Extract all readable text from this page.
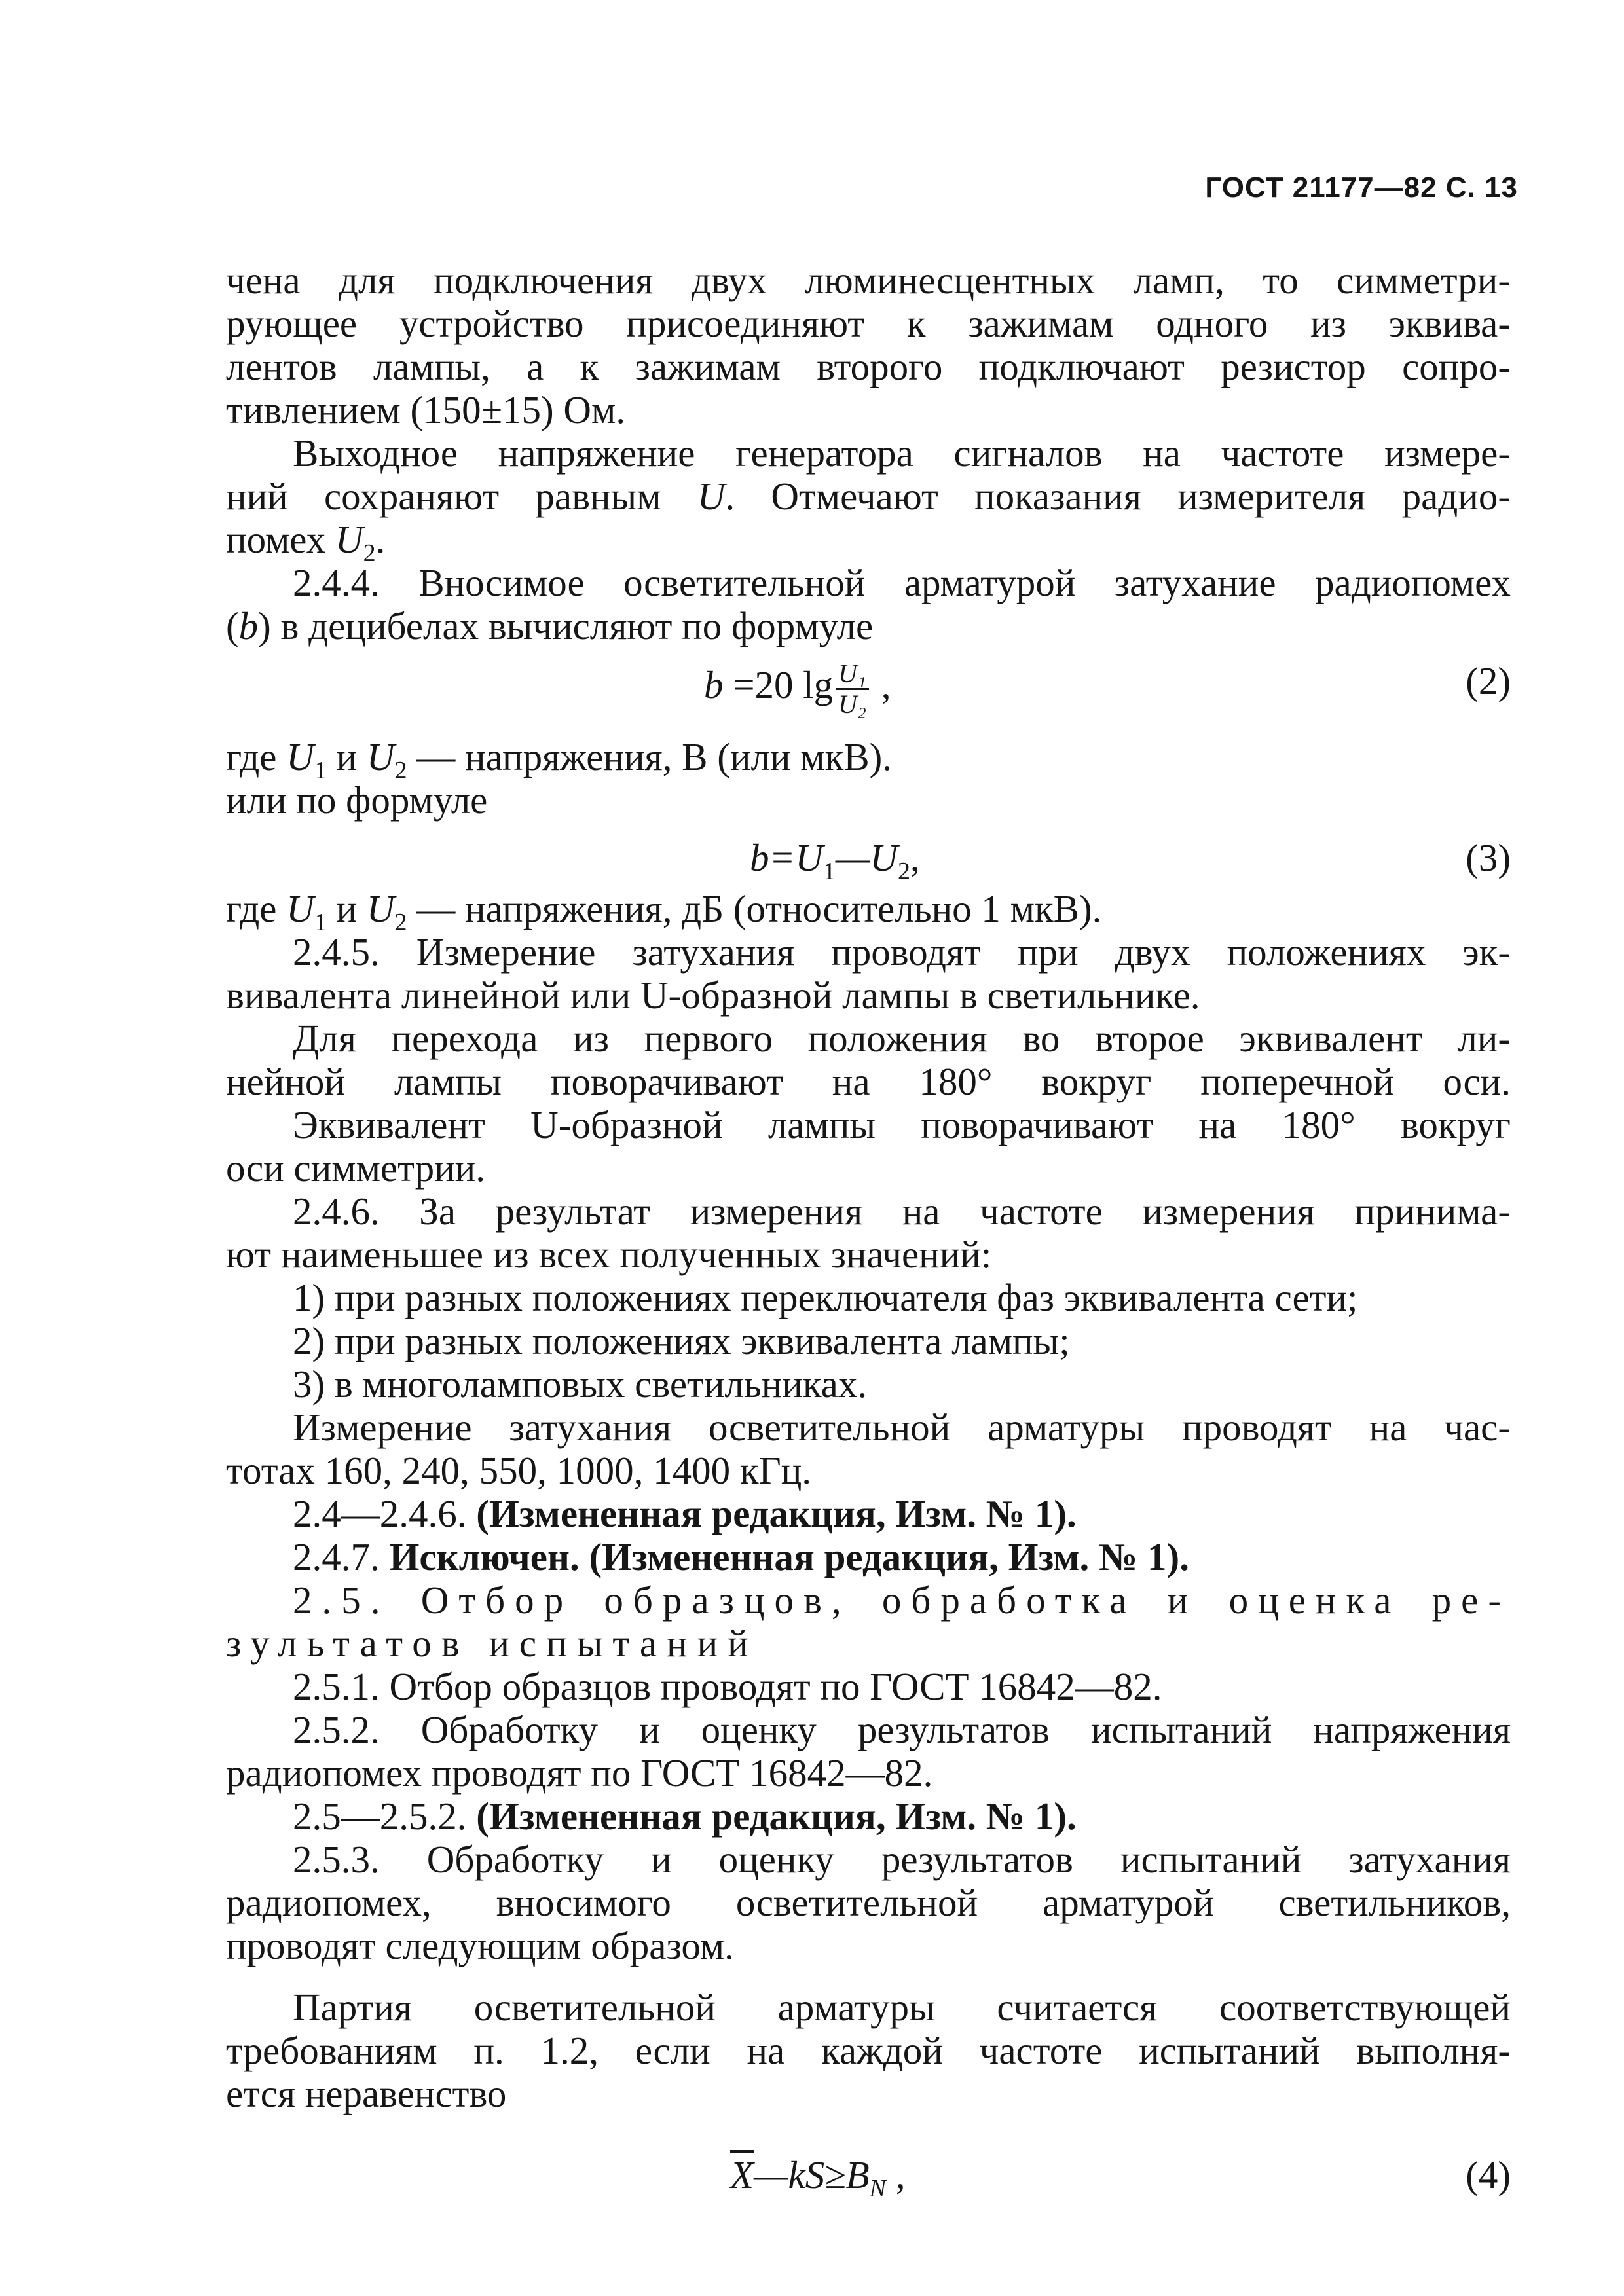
ГОСТ 21177—82 С. 13
чена для подключения двух люминесцентных ламп, то симметри-
рующее устройство присоединяют к зажимам одного из эквива-
лентов лампы, а к зажимам второго подключают резистор сопро-
тивлением (150±15) Ом.
Выходное напряжение генератора сигналов на частоте измере-
ний сохраняют равным U. Отмечают показания измерителя радио-
помех $U_2$.
2.4.4. Вносимое осветительной арматурой затухание радиопомех
(b) в децибелах вычисляют по формуле
b =20 $\lg \frac{\text{U₁}}{\text{U₂}}$ ,	(2)
где $U_1$ и $U_2$ — напряжения, В (или мкВ).
или по формуле
$b=U_1—U_2$,	(3)
где $U_1$ и $U_2$ — напряжения, дБ (относительно 1 мкВ).
2.4.5. Измерение затухания проводят при двух положениях эк-
вивалента линейной или U-образной лампы в светильнике.
Для перехода из первого положения во второе эквивалент ли-
нейной лампы поворачивают на 180° вокруг поперечной оси.
Эквивалент U-образной лампы поворачивают на 180° вокруг
оси симметрии.
2.4.6. За результат измерения на частоте измерения принима-
ют наименьшее из всех полученных значений:
1) при разных положениях переключателя фаз эквивалента сети;
2) при разных положениях эквивалента лампы;
3) в многоламповых светильниках.
Измерение затухания осветительной арматуры проводят на час-
тотах 160, 240, 550, 1000, 1400 кГц.
2.4—2.4.6. (Измененная редакция, Изм. № 1).
2.4.7. Исключен. (Измененная редакция, Изм. № 1).
2.5. Отбор образцов, обработка и оценка ре-
зультатов испытаний
2.5.1. Отбор образцов проводят по ГОСТ 16842—82.
2.5.2. Обработку и оценку результатов испытаний напряжения
радиопомех проводят по ГОСТ 16842—82.
2.5—2.5.2. (Измененная редакция, Изм. № 1).
2.5.3. Обработку и оценку результатов испытаний затухания
радиопомех, вносимого осветительной арматурой светильников,
проводят следующим образом.
Партия осветительной арматуры считается соответствующей
требованиям п. 1.2, если на каждой частоте испытаний выполня-
ется неравенство
$\overline{X}—kS\ge B_N$ ,	(4)
